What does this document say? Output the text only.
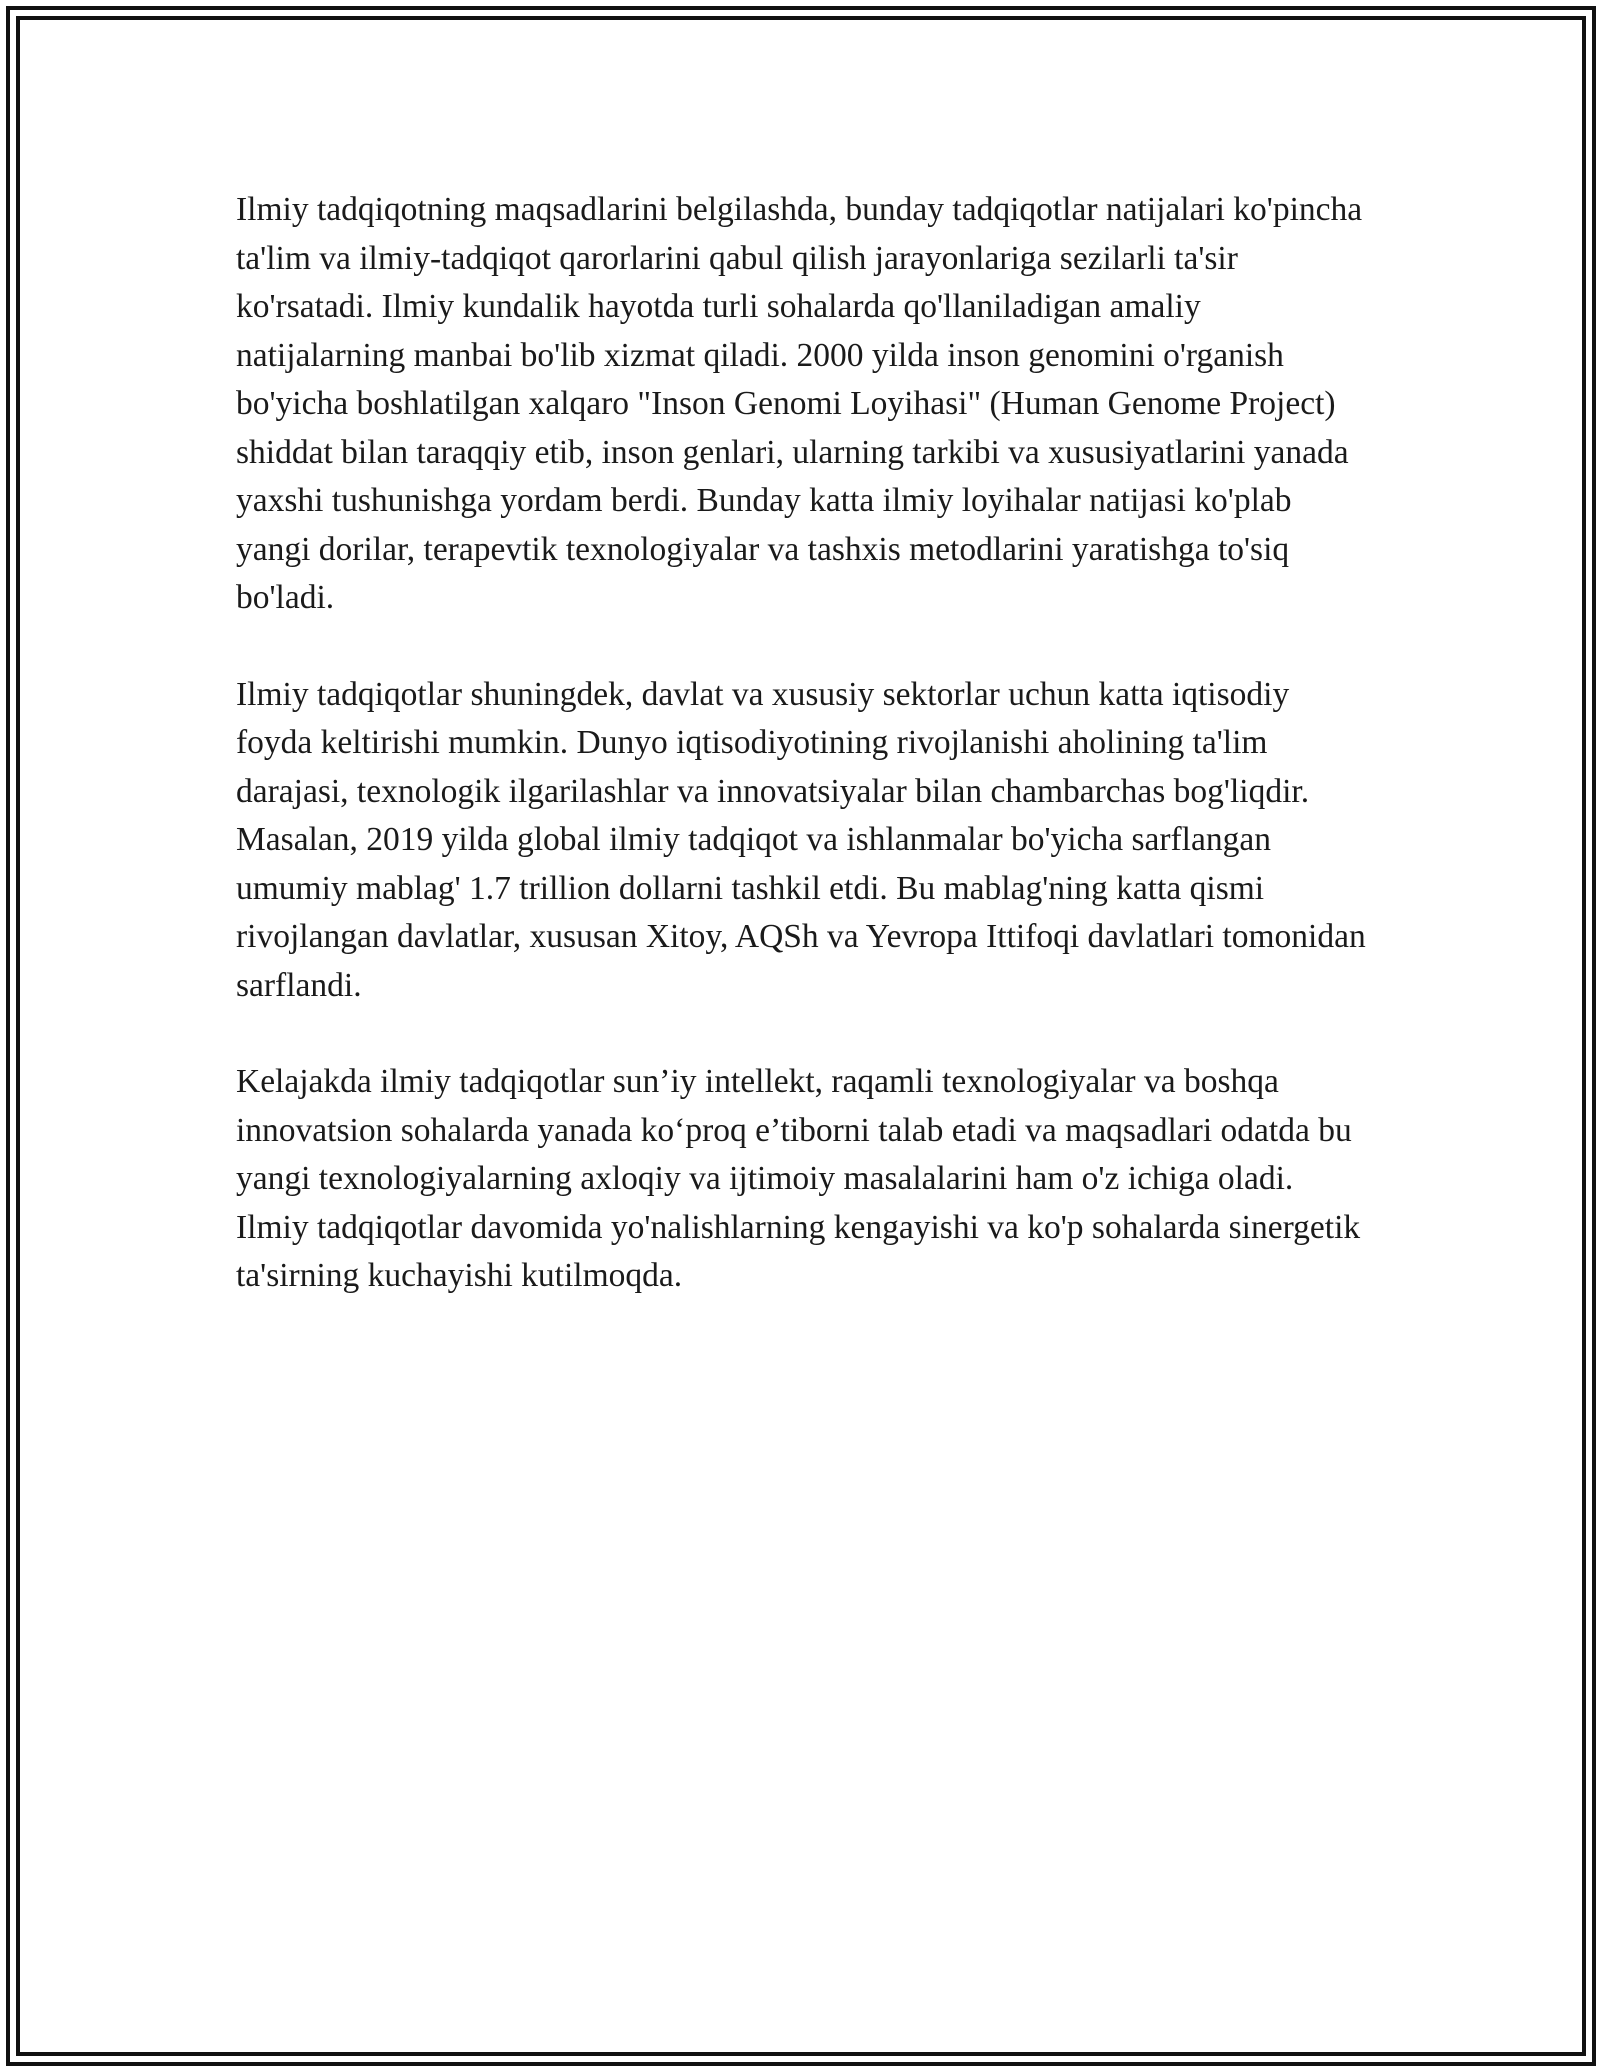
Ilmiy tadqiqotning maqsadlarini belgilashda, bunday tadqiqotlar natijalari ko'pincha ta'lim va ilmiy-tadqiqot qarorlarini qabul qilish jarayonlariga sezilarli ta'sir ko'rsatadi. Ilmiy kundalik hayotda turli sohalarda qo'llaniladigan amaliy natijalarning manbai bo'lib xizmat qiladi. 2000 yilda inson genomini o'rganish bo'yicha boshlatilgan xalqaro "Inson Genomi Loyihasi" (Human Genome Project) shiddat bilan taraqqiy etib, inson genlari, ularning tarkibi va xususiyatlarini yanada yaxshi tushunishga yordam berdi. Bunday katta ilmiy loyihalar natijasi ko'plab yangi dorilar, terapevtik texnologiyalar va tashxis metodlarini yaratishga to'siq bo'ladi.

Ilmiy tadqiqotlar shuningdek, davlat va xususiy sektorlar uchun katta iqtisodiy foyda keltirishi mumkin. Dunyo iqtisodiyotining rivojlanishi aholining ta'lim darajasi, texnologik ilgarilashlar va innovatsiyalar bilan chambarchas bog'liqdir. Masalan, 2019 yilda global ilmiy tadqiqot va ishlanmalar bo'yicha sarflangan umumiy mablag' 1.7 trillion dollarni tashkil etdi. Bu mablag'ning katta qismi rivojlangan davlatlar, xususan Xitoy, AQSh va Yevropa Ittifoqi davlatlari tomonidan sarflandi.

Kelajakda ilmiy tadqiqotlar sun’iy intellekt, raqamli texnologiyalar va boshqa innovatsion sohalarda yanada ko‘proq e’tiborni talab etadi va maqsadlari odatda bu yangi texnologiyalarning axloqiy va ijtimoiy masalalarini ham o'z ichiga oladi. Ilmiy tadqiqotlar davomida yo'nalishlarning kengayishi va ko'p sohalarda sinergetik ta'sirning kuchayishi kutilmoqda.
